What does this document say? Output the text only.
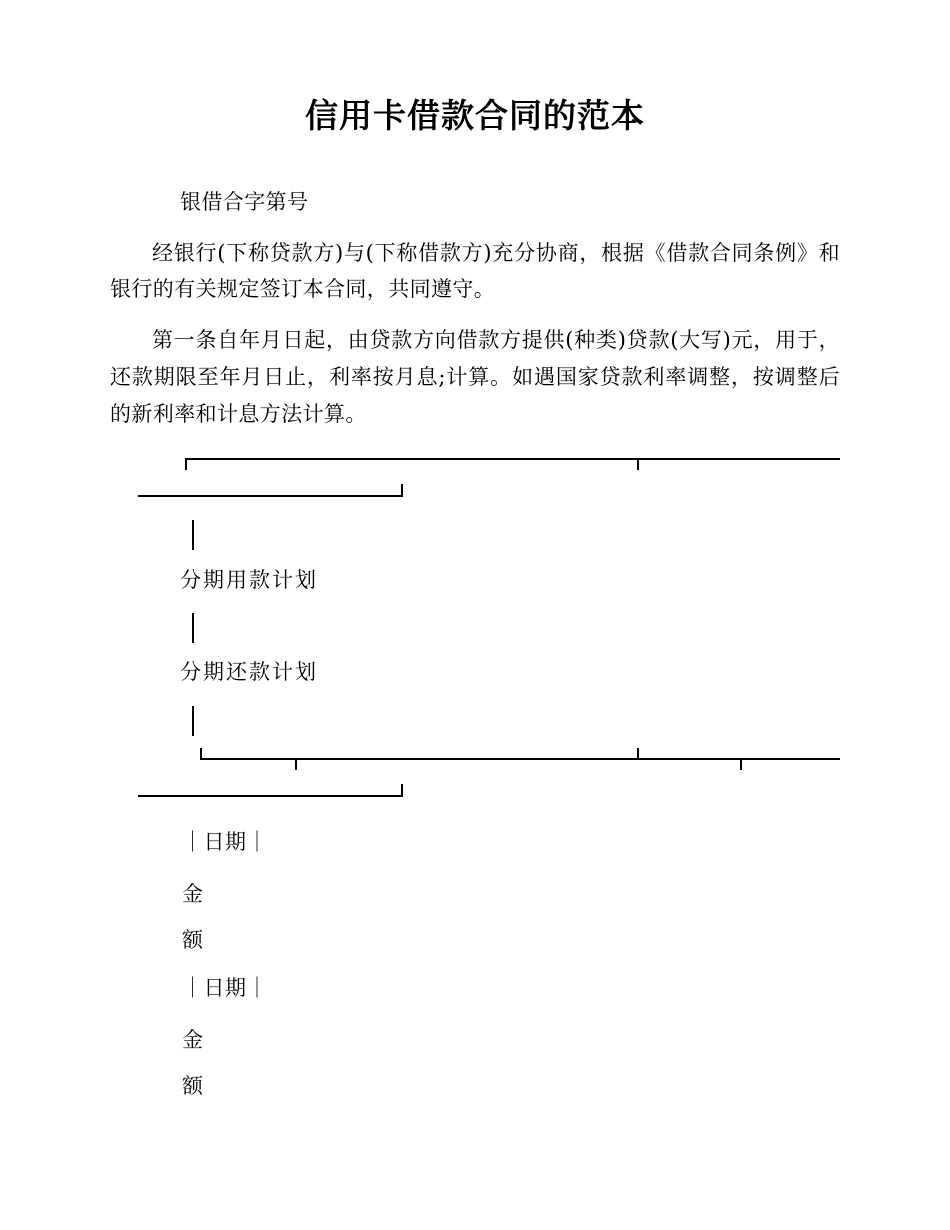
信用卡借款合同的范本

银借合字第号

经银行(下称贷款方)与(下称借款方)充分协商，根据《借款合同条例》和银行的有关规定签订本合同，共同遵守。

第一条自年月日起，由贷款方向借款方提供(种类)贷款(大写)元，用于，还款期限至年月日止，利率按月息;计算。如遇国家贷款利率调整，按调整后的新利率和计息方法计算。

分期用款计划
分期还款计划
｜日期｜
金
额
｜日期｜
金
额
